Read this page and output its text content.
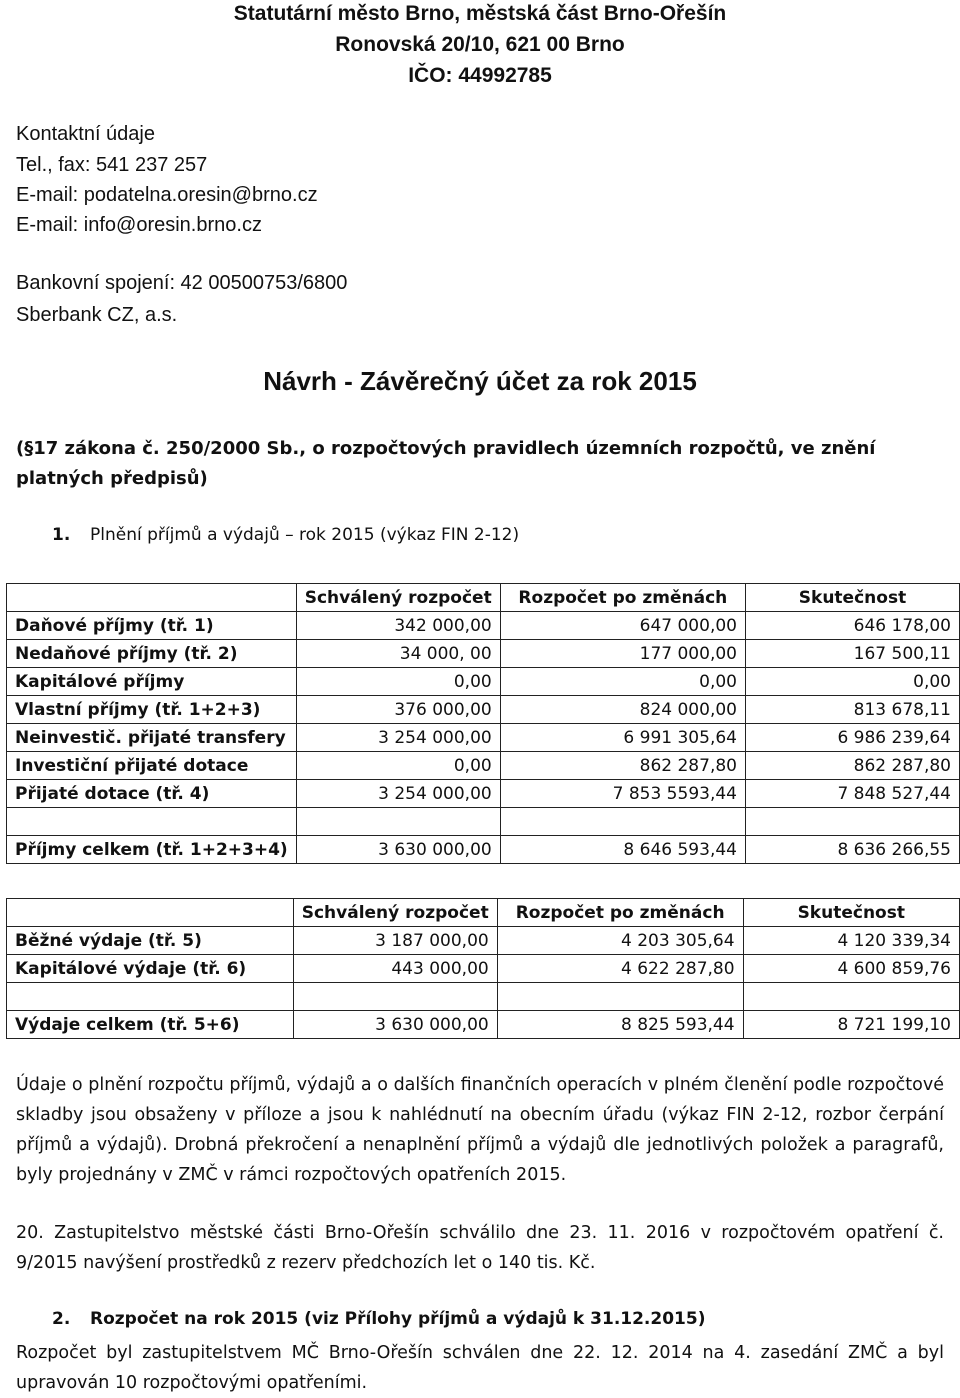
Statutární město Brno, městská část Brno-Ořešín
Ronovská 20/10, 621 00 Brno
IČO: 44992785
Kontaktní údaje
Tel., fax: 541 237 257
E-mail: podatelna.oresin@brno.cz
E-mail: info@oresin.brno.cz
Bankovní spojení: 42 00500753/6800
Sberbank CZ, a.s.
Návrh - Závěrečný účet za rok 2015
(§17 zákona č. 250/2000 Sb., o rozpočtových pravidlech územních rozpočtů, ve znění platných předpisů)
1. Plnění příjmů a výdajů – rok 2015 (výkaz FIN 2-12)
	Schválený rozpočet	Rozpočet po změnách	Skutečnost
Daňové příjmy (tř. 1)	342 000,00	647 000,00	646 178,00
Nedaňové příjmy (tř. 2)	34 000, 00	177 000,00	167 500,11
Kapitálové příjmy	0,00	0,00	0,00
Vlastní příjmy (tř. 1+2+3)	376 000,00	824 000,00	813 678,11
Neinvestič. přijaté transfery	3 254 000,00	6 991 305,64	6 986 239,64
Investiční přijaté dotace	0,00	862 287,80	862 287,80
Přijaté dotace (tř. 4)	3 254 000,00	7 853 5593,44	7 848 527,44

Příjmy celkem (tř. 1+2+3+4)	3 630 000,00	8 646 593,44	8 636 266,55
	Schválený rozpočet	Rozpočet po změnách	Skutečnost
Běžné výdaje (tř. 5)	3 187 000,00	4 203 305,64	4 120 339,34
Kapitálové výdaje (tř. 6)	443 000,00	4 622 287,80	4 600 859,76

Výdaje celkem (tř. 5+6)	3 630 000,00	8 825 593,44	8 721 199,10
Údaje o plnění rozpočtu příjmů, výdajů a o dalších finančních operacích v plném členění podle rozpočtové skladby jsou obsaženy v příloze a jsou k nahlédnutí na obecním úřadu (výkaz FIN 2-12, rozbor čerpání příjmů a výdajů). Drobná překročení a nenaplnění příjmů a výdajů dle jednotlivých položek a paragrafů, byly projednány v ZMČ v rámci rozpočtových opatřeních 2015.
20. Zastupitelstvo městské části Brno-Ořešín schválilo dne 23. 11. 2016 v rozpočtovém opatření č. 9/2015 navýšení prostředků z rezerv předchozích let o 140 tis. Kč.
2. Rozpočet na rok 2015 (viz Přílohy příjmů a výdajů k 31.12.2015)
Rozpočet byl zastupitelstvem MČ Brno-Ořešín schválen dne 22. 12. 2014 na 4. zasedání ZMČ a byl upravován 10 rozpočtovými opatřeními.
